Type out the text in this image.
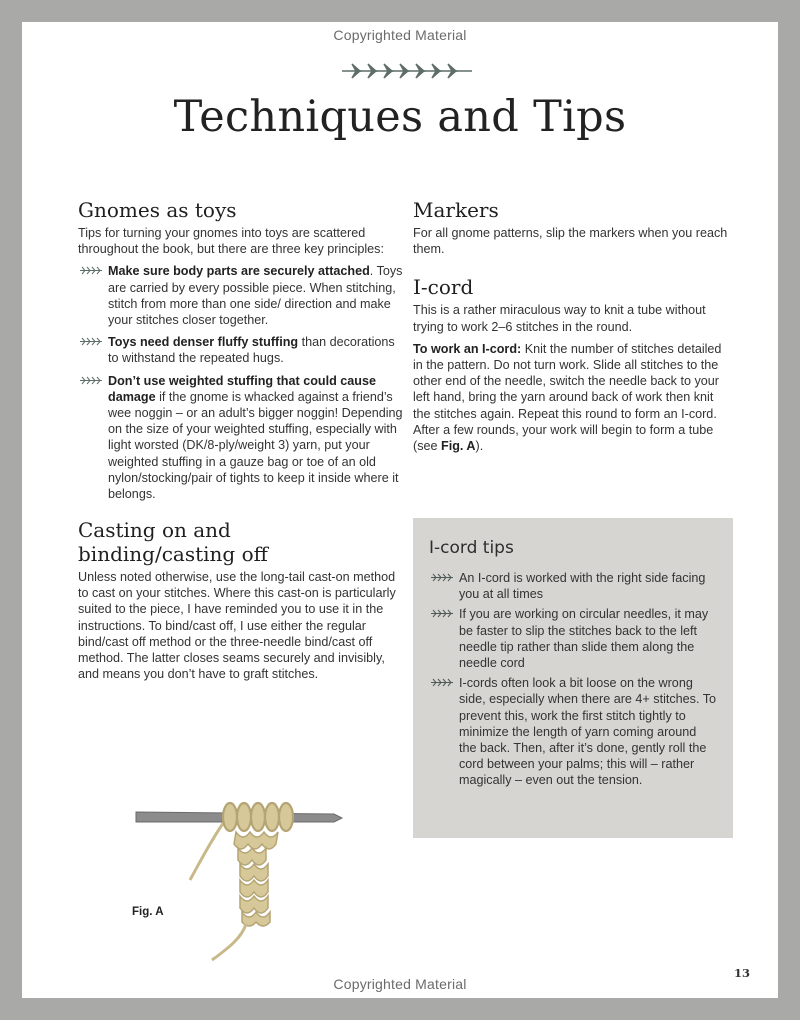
Copyrighted Material
Techniques and Tips
Gnomes as toys

Tips for turning your gnomes into toys are scattered throughout the book, but there are three key principles:

Make sure body parts are securely attached. Toys are carried by every possible piece. When stitching, stitch from more than one side/ direction and make your stitches closer together.
Toys need denser fluffy stuffing than decorations to withstand the repeated hugs.
Don’t use weighted stuffing that could cause damage if the gnome is whacked against a friend’s wee noggin – or an adult’s bigger noggin! Depending on the size of your weighted stuffing, especially with light worsted (DK/8-ply/weight 3) yarn, put your weighted stuffing in a gauze bag or toe of an old nylon/stocking/pair of tights to keep it inside where it belongs.
Casting on and
binding/casting off

Unless noted otherwise, use the long-tail cast-on method to cast on your stitches. Where this cast-on is particularly suited to the piece, I have reminded you to use it in the instructions. To bind/cast off, I use either the regular bind/cast off method or the three-needle bind/cast off method. The latter closes seams securely and invisibly, and means you don’t have to graft stitches.

Markers

For all gnome patterns, slip the markers when you reach them.

I-cord

This is a rather miraculous way to knit a tube without trying to work 2–6 stitches in the round.

To work an I-cord: Knit the number of stitches detailed in the pattern. Do not turn work. Slide all stitches to the other end of the needle, switch the needle back to your left hand, bring the yarn around back of work then knit the stitches again. Repeat this round to form an I-cord. After a few rounds, your work will begin to form a tube (see Fig. A).

I-cord tips
An I-cord is worked with the right side facing you at all times
If you are working on circular needles, it may be faster to slip the stitches back to the left needle tip rather than slide them along the needle cord
I-cords often look a bit loose on the wrong side, especially when there are 4+ stitches. To prevent this, work the first stitch tightly to minimize the length of yarn coming around the back. Then, after it’s done, gently roll the cord between your palms; this will – rather magically – even out the tension.
Fig. A
13
Copyrighted Material
